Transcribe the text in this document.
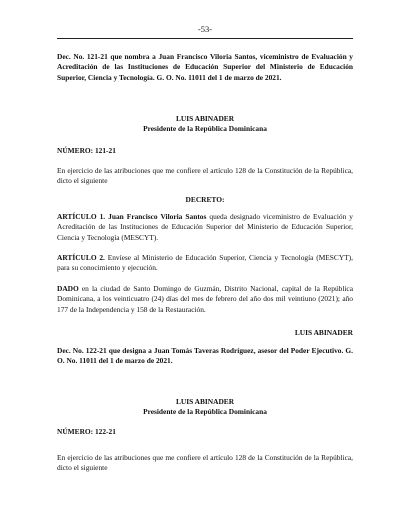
-53-
Dec. No. 121-21 que nombra a Juan Francisco Viloria Santos, viceministro de Evaluación y Acreditación de las Instituciones de Educación Superior del Ministerio de Educación Superior, Ciencia y Tecnología. G. O. No. 11011 del 1 de marzo de 2021.
LUIS ABINADER
Presidente de la República Dominicana
NÚMERO: 121-21
En ejercicio de las atribuciones que me confiere el artículo 128 de la Constitución de la República, dicto el siguiente
DECRETO:
ARTÍCULO 1. Juan Francisco Viloria Santos queda designado viceministro de Evaluación y Acreditación de las Instituciones de Educación Superior del Ministerio de Educación Superior, Ciencia y Tecnología (MESCYT).
ARTÍCULO 2. Envíese al Ministerio de Educación Superior, Ciencia y Tecnología (MESCYT), para su conocimiento y ejecución.
DADO en la ciudad de Santo Domingo de Guzmán, Distrito Nacional, capital de la República Dominicana, a los veinticuatro (24) días del mes de febrero del año dos mil veintiuno (2021); año 177 de la Independencia y 158 de la Restauración.
LUIS ABINADER
Dec. No. 122-21 que designa a Juan Tomás Taveras Rodríguez, asesor del Poder Ejecutivo. G. O. No. 11011 del 1 de marzo de 2021.
LUIS ABINADER
Presidente de la República Dominicana
NÚMERO: 122-21
En ejercicio de las atribuciones que me confiere el artículo 128 de la Constitución de la República, dicto el siguiente
